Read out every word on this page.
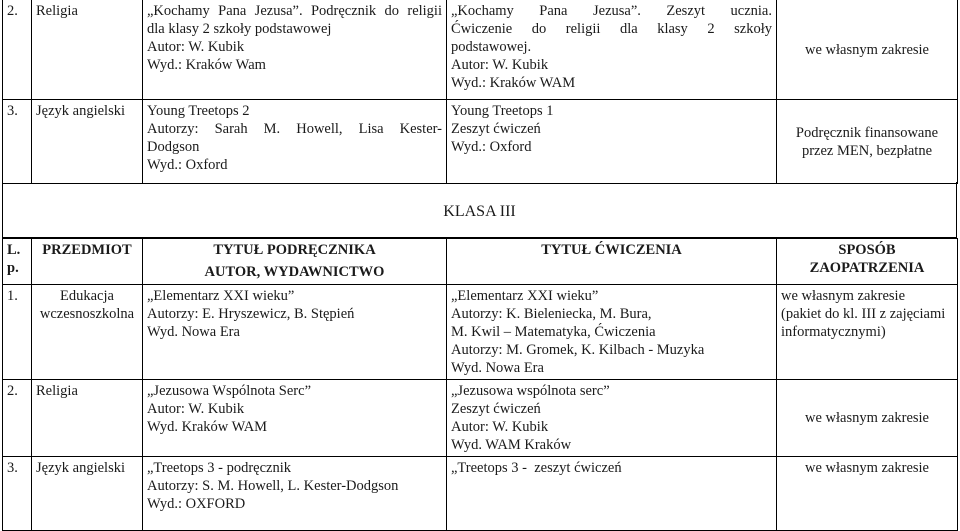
2.	Religia	„Kochamy Pana Jezusa”. Podręcznik do religii
dla klasy 2 szkoły podstawowej
Autor: W. Kubik
Wyd.: Kraków Wam	„Kochamy Pana Jezusa”. Zeszyt ucznia.
Ćwiczenie do religii dla klasy 2 szkoły
podstawowej.
Autor: W. Kubik
Wyd.: Kraków WAM	we własnym zakresie
3.	Język angielski	Young Treetops 2
Autorzy: Sarah M. Howell, Lisa Kester-
Dodgson
Wyd.: Oxford	Young Treetops 1
Zeszyt ćwiczeń
Wyd.: Oxford	Podręcznik finansowane
przez MEN, bezpłatne
KLASA III
L.
p.	PRZEDMIOT	TYTUŁ PODRĘCZNIKA
AUTOR, WYDAWNICTWO	TYTUŁ ĆWICZENIA	SPOSÓB
ZAOPATRZENIA

1.	Edukacja
wczesnoszkolna	„Elementarz XXI wieku”
Autorzy: E. Hryszewicz, B. Stępień
Wyd. Nowa Era	„Elementarz XXI wieku”
Autorzy: K. Bielenieck​a, M. Bura,
M. Kwil – Matematyka, Ćwiczenia
Autorzy: M. Gromek, K. Kilbach - Muzyka
Wyd. Nowa Era	we własnym zakresie
(pakiet do kl. III z zajęciami
informatycznymi)

2.	Religia	„Jezusowa Wspólnota Serc”
Autor: W. Kubik
Wyd. Kraków WAM	„Jezusowa wspólnota serc”
Zeszyt ćwiczeń
Autor: W. Kubik
Wyd. WAM Kraków	we własnym zakresie
3.	Język angielski	„Treetops 3 - podręcznik
Autorzy: S. M. Howell, L. Kester-Dodgson
Wyd.: OXFORD	„Treetops 3 -  zeszyt ćwiczeń	we własnym zakresie
